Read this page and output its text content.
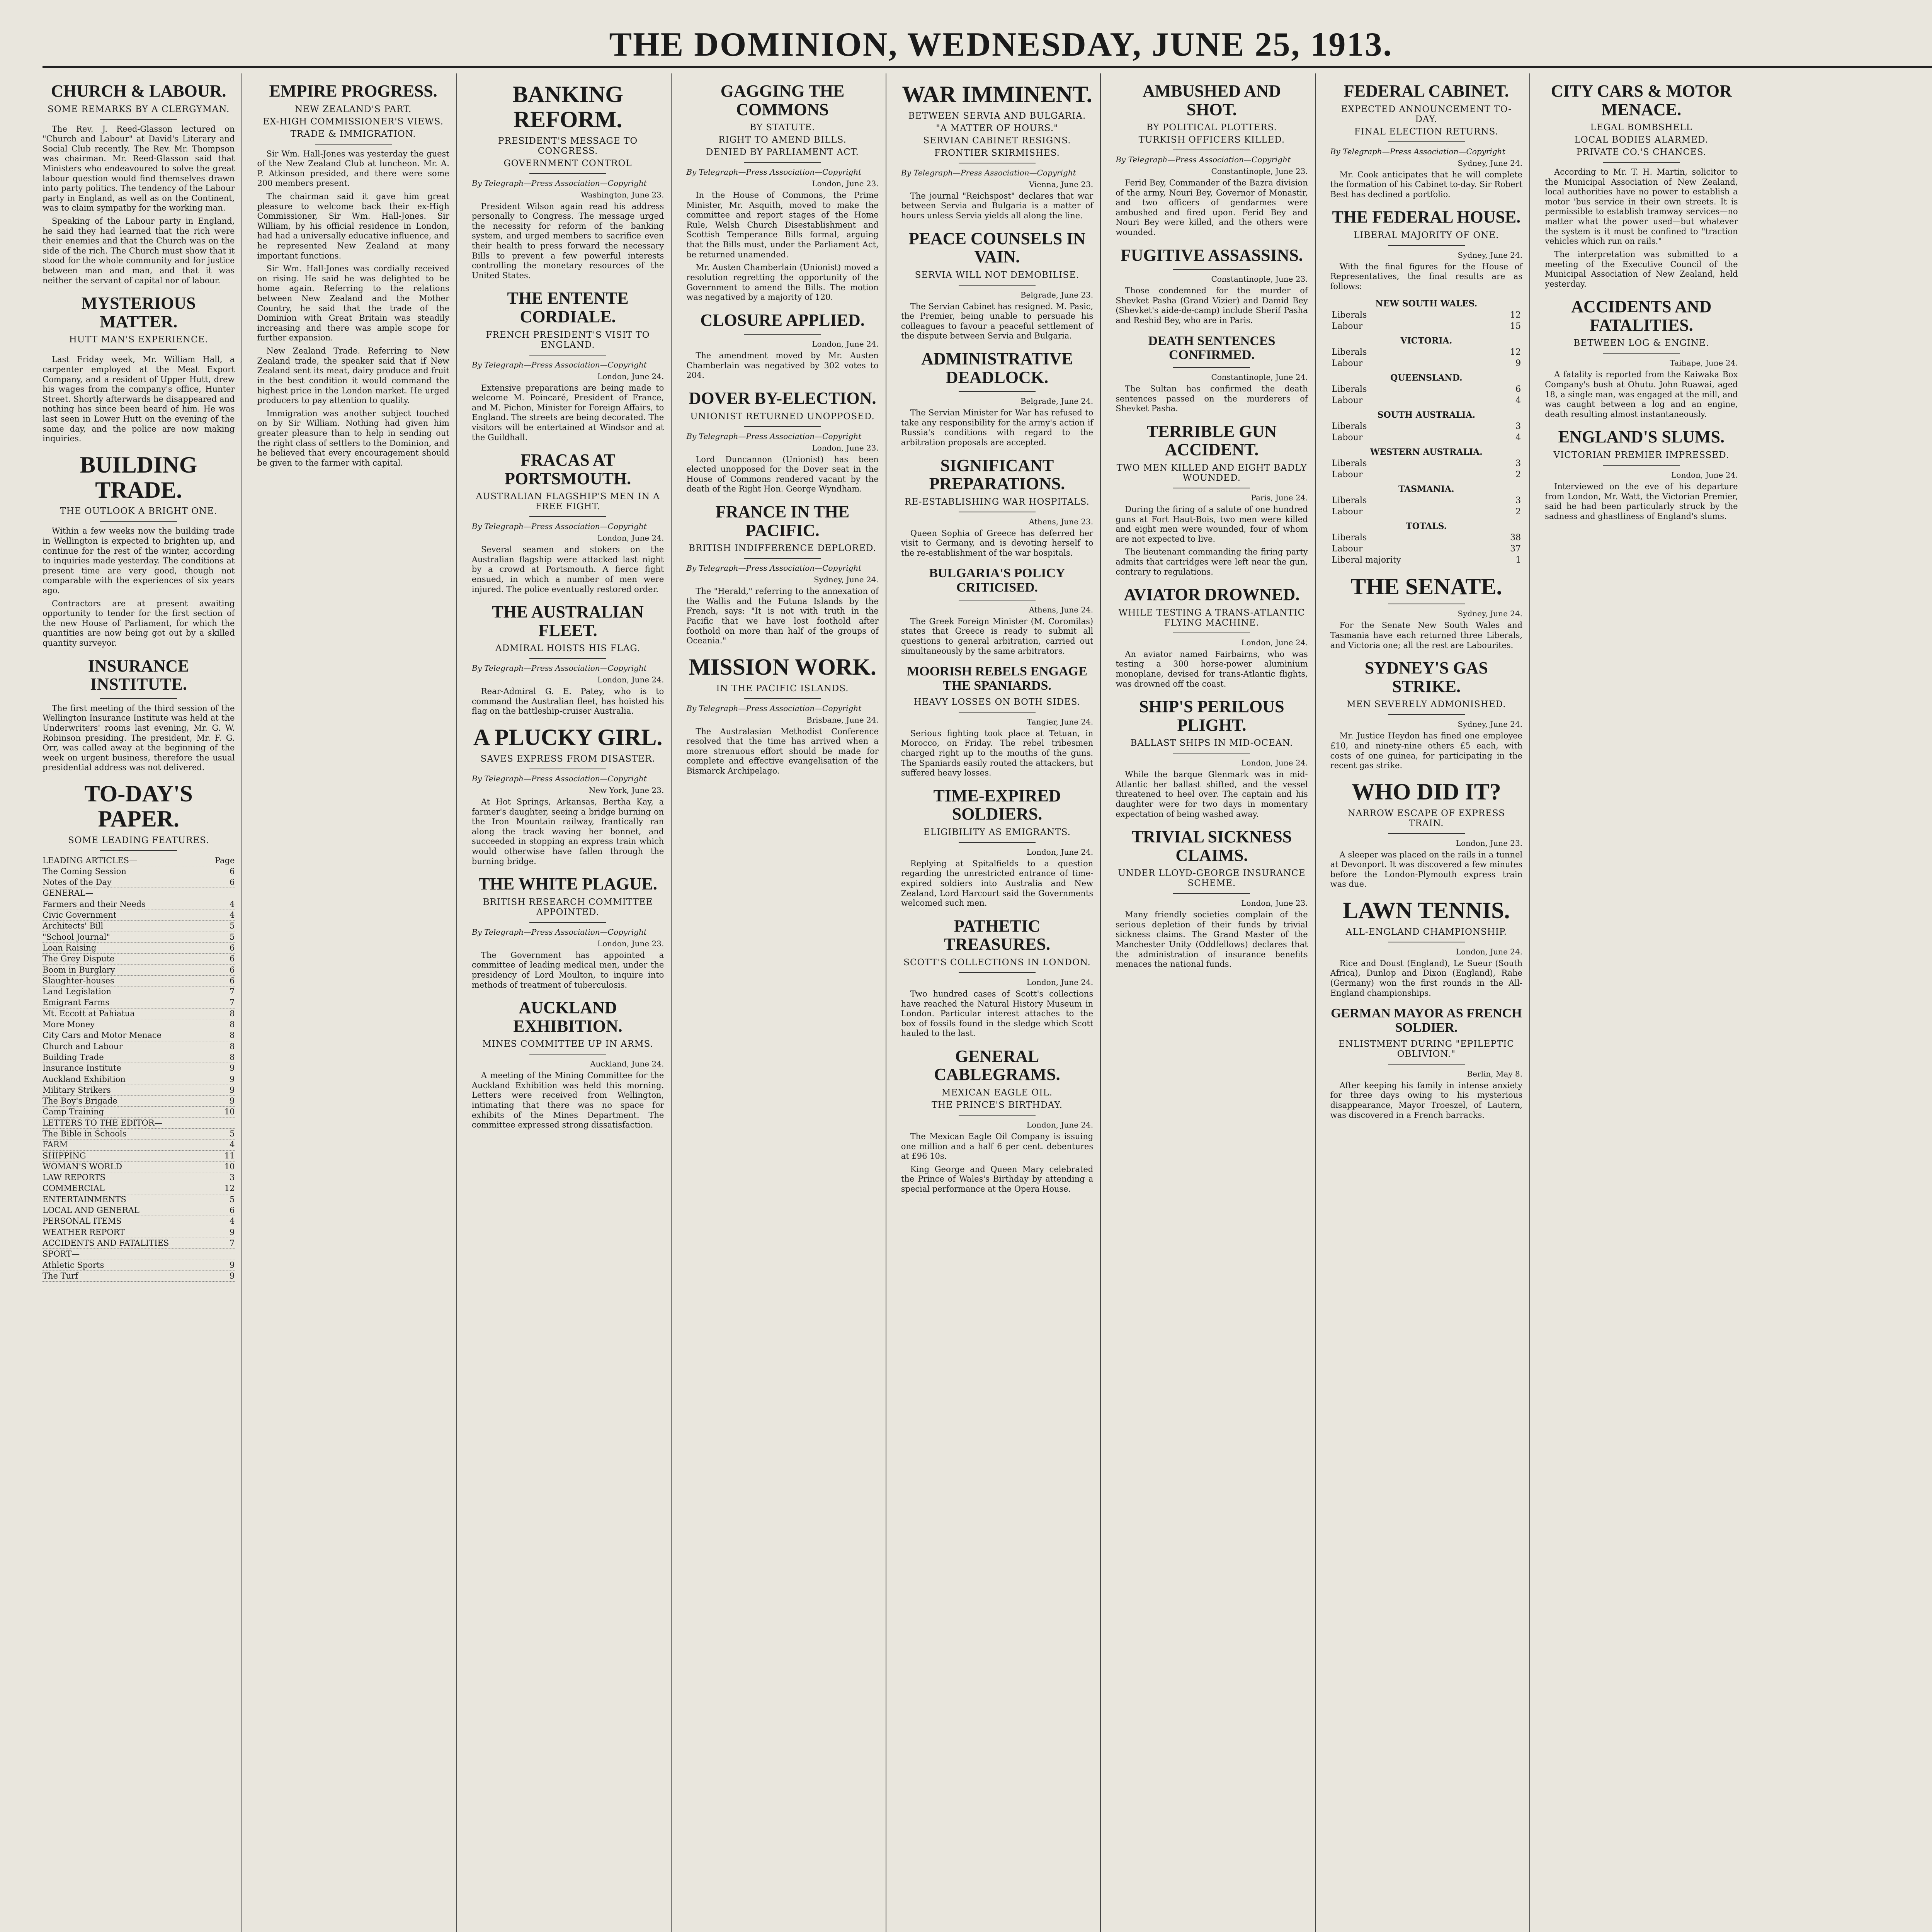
THE DOMINION, WEDNESDAY, JUNE 25, 1913.
CHURCH & LABOUR.
SOME REMARKS BY A CLERGYMAN.

The Rev. J. Reed-Glasson lectured on "Church and Labour" at David's Literary and Social Club recently. The Rev. Mr. Thompson was chairman. Mr. Reed-Glasson said that Ministers who endeavoured to solve the great labour question would find themselves drawn into party politics. The tendency of the Labour party in England, as well as on the Continent, was to claim sympathy for the working man.

Speaking of the Labour party in England, he said they had learned that the rich were their enemies and that the Church was on the side of the rich. The Church must show that it stood for the whole community and for justice between man and man, and that it was neither the servant of capital nor of labour.

MYSTERIOUS MATTER.
HUTT MAN'S EXPERIENCE.

Last Friday week, Mr. William Hall, a carpenter employed at the Meat Export Company, and a resident of Upper Hutt, drew his wages from the company's office, Hunter Street. Shortly afterwards he disappeared and nothing has since been heard of him. He was last seen in Lower Hutt on the evening of the same day, and the police are now making inquiries.

BUILDING TRADE.
THE OUTLOOK A BRIGHT ONE.

Within a few weeks now the building trade in Wellington is expected to brighten up, and continue for the rest of the winter, according to inquiries made yesterday. The conditions at present time are very good, though not comparable with the experiences of six years ago.

Contractors are at present awaiting opportunity to tender for the first section of the new House of Parliament, for which the quantities are now being got out by a skilled quantity surveyor.

INSURANCE INSTITUTE.

The first meeting of the third session of the Wellington Insurance Institute was held at the Underwriters' rooms last evening, Mr. G. W. Robinson presiding. The president, Mr. F. G. Orr, was called away at the beginning of the week on urgent business, therefore the usual presidential address was not delivered.

TO-DAY'S PAPER.
SOME LEADING FEATURES.
LEADING ARTICLES—	Page
The Coming Session	6
Notes of the Day	6
GENERAL—
Farmers and their Needs	4
Civic Government	4
Architects' Bill	5
"School Journal"	5
Loan Raising	6
The Grey Dispute	6
Boom in Burglary	6
Slaughter-houses	6
Land Legislation	7
Emigrant Farms	7
Mt. Eccott at Pahiatua	8
More Money	8
City Cars and Motor Menace	8
Church and Labour	8
Building Trade	8
Insurance Institute	9
Auckland Exhibition	9
Military Strikers	9
The Boy's Brigade	9
Camp Training	10
LETTERS TO THE EDITOR—
The Bible in Schools	5
FARM	4
SHIPPING	11
WOMAN'S WORLD	10
LAW REPORTS	3
COMMERCIAL	12
ENTERTAINMENTS	5
LOCAL AND GENERAL	6
PERSONAL ITEMS	4
WEATHER REPORT	9
ACCIDENTS AND FATALITIES	7
SPORT—
Athletic Sports	9
The Turf	9
EMPIRE PROGRESS.
NEW ZEALAND'S PART.
EX-HIGH COMMISSIONER'S VIEWS.
TRADE & IMMIGRATION.

Sir Wm. Hall-Jones was yesterday the guest of the New Zealand Club at luncheon. Mr. A. P. Atkinson presided, and there were some 200 members present.

The chairman said it gave him great pleasure to welcome back their ex-High Commissioner, Sir Wm. Hall-Jones. Sir William, by his official residence in London, had had a universally educative influence, and he represented New Zealand at many important functions.

Sir Wm. Hall-Jones was cordially received on rising. He said he was delighted to be home again. Referring to the relations between New Zealand and the Mother Country, he said that the trade of the Dominion with Great Britain was steadily increasing and there was ample scope for further expansion.

New Zealand Trade. Referring to New Zealand trade, the speaker said that if New Zealand sent its meat, dairy produce and fruit in the best condition it would command the highest price in the London market. He urged producers to pay attention to quality.

Immigration was another subject touched on by Sir William. Nothing had given him greater pleasure than to help in sending out the right class of settlers to the Dominion, and he believed that every encouragement should be given to the farmer with capital.

BANKING REFORM.
PRESIDENT'S MESSAGE TO CONGRESS.
GOVERNMENT CONTROL
By Telegraph—Press Association—Copyright
Washington, June 23.

President Wilson again read his address personally to Congress. The message urged the necessity for reform of the banking system, and urged members to sacrifice even their health to press forward the necessary Bills to prevent a few powerful interests controlling the monetary resources of the United States.

THE ENTENTE CORDIALE.
FRENCH PRESIDENT'S VISIT TO ENGLAND.
By Telegraph—Press Association—Copyright
London, June 24.

Extensive preparations are being made to welcome M. Poincaré, President of France, and M. Pichon, Minister for Foreign Affairs, to England. The streets are being decorated. The visitors will be entertained at Windsor and at the Guildhall.

FRACAS AT PORTSMOUTH.
AUSTRALIAN FLAGSHIP'S MEN IN A FREE FIGHT.
By Telegraph—Press Association—Copyright
London, June 24.

Several seamen and stokers on the Australian flagship were attacked last night by a crowd at Portsmouth. A fierce fight ensued, in which a number of men were injured. The police eventually restored order.

THE AUSTRALIAN FLEET.
ADMIRAL HOISTS HIS FLAG.
By Telegraph—Press Association—Copyright
London, June 24.

Rear-Admiral G. E. Patey, who is to command the Australian fleet, has hoisted his flag on the battleship-cruiser Australia.

A PLUCKY GIRL.
SAVES EXPRESS FROM DISASTER.
By Telegraph—Press Association—Copyright
New York, June 23.

At Hot Springs, Arkansas, Bertha Kay, a farmer's daughter, seeing a bridge burning on the Iron Mountain railway, frantically ran along the track waving her bonnet, and succeeded in stopping an express train which would otherwise have fallen through the burning bridge.

THE WHITE PLAGUE.
BRITISH RESEARCH COMMITTEE APPOINTED.
By Telegraph—Press Association—Copyright
London, June 23.

The Government has appointed a committee of leading medical men, under the presidency of Lord Moulton, to inquire into methods of treatment of tuberculosis.

AUCKLAND EXHIBITION.
MINES COMMITTEE UP IN ARMS.
Auckland, June 24.

A meeting of the Mining Committee for the Auckland Exhibition was held this morning. Letters were received from Wellington, intimating that there was no space for exhibits of the Mines Department. The committee expressed strong dissatisfaction.

GAGGING THE COMMONS
BY STATUTE.
RIGHT TO AMEND BILLS.
DENIED BY PARLIAMENT ACT.
By Telegraph—Press Association—Copyright
London, June 23.

In the House of Commons, the Prime Minister, Mr. Asquith, moved to make the committee and report stages of the Home Rule, Welsh Church Disestablishment and Scottish Temperance Bills formal, arguing that the Bills must, under the Parliament Act, be returned unamended.

Mr. Austen Chamberlain (Unionist) moved a resolution regretting the opportunity of the Government to amend the Bills. The motion was negatived by a majority of 120.

CLOSURE APPLIED.
London, June 24.

The amendment moved by Mr. Austen Chamberlain was negatived by 302 votes to 204.

DOVER BY-ELECTION.
UNIONIST RETURNED UNOPPOSED.
By Telegraph—Press Association—Copyright
London, June 23.

Lord Duncannon (Unionist) has been elected unopposed for the Dover seat in the House of Commons rendered vacant by the death of the Right Hon. George Wyndham.

FRANCE IN THE PACIFIC.
BRITISH INDIFFERENCE DEPLORED.
By Telegraph—Press Association—Copyright
Sydney, June 24.

The "Herald," referring to the annexation of the Wallis and the Futuna Islands by the French, says: "It is not with truth in the Pacific that we have lost foothold after foothold on more than half of the groups of Oceania."

MISSION WORK.
IN THE PACIFIC ISLANDS.
By Telegraph—Press Association—Copyright
Brisbane, June 24.

The Australasian Methodist Conference resolved that the time has arrived when a more strenuous effort should be made for complete and effective evangelisation of the Bismarck Archipelago.

WAR IMMINENT.
BETWEEN SERVIA AND BULGARIA.
"A MATTER OF HOURS."
SERVIAN CABINET RESIGNS.
FRONTIER SKIRMISHES.
By Telegraph—Press Association—Copyright
Vienna, June 23.

The journal "Reichspost" declares that war between Servia and Bulgaria is a matter of hours unless Servia yields all along the line.

PEACE COUNSELS IN VAIN.
SERVIA WILL NOT DEMOBILISE.
Belgrade, June 23.

The Servian Cabinet has resigned. M. Pasic, the Premier, being unable to persuade his colleagues to favour a peaceful settlement of the dispute between Servia and Bulgaria.

ADMINISTRATIVE DEADLOCK.
Belgrade, June 24.

The Servian Minister for War has refused to take any responsibility for the army's action if Russia's conditions with regard to the arbitration proposals are accepted.

SIGNIFICANT PREPARATIONS.
RE-ESTABLISHING WAR HOSPITALS.
Athens, June 23.

Queen Sophia of Greece has deferred her visit to Germany, and is devoting herself to the re-establishment of the war hospitals.

BULGARIA'S POLICY CRITICISED.
Athens, June 24.

The Greek Foreign Minister (M. Coromilas) states that Greece is ready to submit all questions to general arbitration, carried out simultaneously by the same arbitrators.

MOORISH REBELS ENGAGE THE SPANIARDS.
HEAVY LOSSES ON BOTH SIDES.
Tangier, June 24.

Serious fighting took place at Tetuan, in Morocco, on Friday. The rebel tribesmen charged right up to the mouths of the guns. The Spaniards easily routed the attackers, but suffered heavy losses.

TIME-EXPIRED SOLDIERS.
ELIGIBILITY AS EMIGRANTS.
London, June 24.

Replying at Spitalfields to a question regarding the unrestricted entrance of time-expired soldiers into Australia and New Zealand, Lord Harcourt said the Governments welcomed such men.

PATHETIC TREASURES.
SCOTT'S COLLECTIONS IN LONDON.
London, June 24.

Two hundred cases of Scott's collections have reached the Natural History Museum in London. Particular interest attaches to the box of fossils found in the sledge which Scott hauled to the last.

GENERAL CABLEGRAMS.
MEXICAN EAGLE OIL.
THE PRINCE'S BIRTHDAY.
London, June 24.

The Mexican Eagle Oil Company is issuing one million and a half 6 per cent. debentures at £96 10s.

King George and Queen Mary celebrated the Prince of Wales's Birthday by attending a special performance at the Opera House.

AMBUSHED AND SHOT.
BY POLITICAL PLOTTERS.
TURKISH OFFICERS KILLED.
By Telegraph—Press Association—Copyright
Constantinople, June 23.

Ferid Bey, Commander of the Bazra division of the army, Nouri Bey, Governor of Monastir, and two officers of gendarmes were ambushed and fired upon. Ferid Bey and Nouri Bey were killed, and the others were wounded.

FUGITIVE ASSASSINS.
Constantinople, June 23.

Those condemned for the murder of Shevket Pasha (Grand Vizier) and Damid Bey (Shevket's aide-de-camp) include Sherif Pasha and Reshid Bey, who are in Paris.

DEATH SENTENCES CONFIRMED.
Constantinople, June 24.

The Sultan has confirmed the death sentences passed on the murderers of Shevket Pasha.

TERRIBLE GUN ACCIDENT.
TWO MEN KILLED AND EIGHT BADLY WOUNDED.
Paris, June 24.

During the firing of a salute of one hundred guns at Fort Haut-Bois, two men were killed and eight men were wounded, four of whom are not expected to live.

The lieutenant commanding the firing party admits that cartridges were left near the gun, contrary to regulations.

AVIATOR DROWNED.
WHILE TESTING A TRANS-ATLANTIC FLYING MACHINE.
London, June 24.

An aviator named Fairbairns, who was testing a 300 horse-power aluminium monoplane, devised for trans-Atlantic flights, was drowned off the coast.

SHIP'S PERILOUS PLIGHT.
BALLAST SHIPS IN MID-OCEAN.
London, June 24.

While the barque Glenmark was in mid-Atlantic her ballast shifted, and the vessel threatened to heel over. The captain and his daughter were for two days in momentary expectation of being washed away.

TRIVIAL SICKNESS CLAIMS.
UNDER LLOYD-GEORGE INSURANCE SCHEME.
London, June 23.

Many friendly societies complain of the serious depletion of their funds by trivial sickness claims. The Grand Master of the Manchester Unity (Oddfellows) declares that the administration of insurance benefits menaces the national funds.

FEDERAL CABINET.
EXPECTED ANNOUNCEMENT TO-DAY.
FINAL ELECTION RETURNS.
By Telegraph—Press Association—Copyright
Sydney, June 24.

Mr. Cook anticipates that he will complete the formation of his Cabinet to-day. Sir Robert Best has declined a portfolio.

THE FEDERAL HOUSE.
LIBERAL MAJORITY OF ONE.
Sydney, June 24.

With the final figures for the House of Representatives, the final results are as follows:

NEW SOUTH WALES.	
Liberals	12
Labour	15
VICTORIA.	
Liberals	12
Labour	9
QUEENSLAND.	
Liberals	6
Labour	4
SOUTH AUSTRALIA.	
Liberals	3
Labour	4
WESTERN AUSTRALIA.	
Liberals	3
Labour	2
TASMANIA.	
Liberals	3
Labour	2
TOTALS.	
Liberals	38
Labour	37
Liberal majority	1
THE SENATE.
Sydney, June 24.

For the Senate New South Wales and Tasmania have each returned three Liberals, and Victoria one; all the rest are Labourites.

SYDNEY'S GAS STRIKE.
MEN SEVERELY ADMONISHED.
Sydney, June 24.

Mr. Justice Heydon has fined one employee £10, and ninety-nine others £5 each, with costs of one guinea, for participating in the recent gas strike.

WHO DID IT?
NARROW ESCAPE OF EXPRESS TRAIN.
London, June 23.

A sleeper was placed on the rails in a tunnel at Devonport. It was discovered a few minutes before the London-Plymouth express train was due.

LAWN TENNIS.
ALL-ENGLAND CHAMPIONSHIP.
London, June 24.

Rice and Doust (England), Le Sueur (South Africa), Dunlop and Dixon (England), Rahe (Germany) won the first rounds in the All-England championships.

GERMAN MAYOR AS FRENCH SOLDIER.
ENLISTMENT DURING "EPILEPTIC OBLIVION."
Berlin, May 8.

After keeping his family in intense anxiety for three days owing to his mysterious disappearance, Mayor Troeszel, of Lautern, was discovered in a French barracks.

CITY CARS & MOTOR MENACE.
LEGAL BOMBSHELL
LOCAL BODIES ALARMED.
PRIVATE CO.'S CHANCES.

According to Mr. T. H. Martin, solicitor to the Municipal Association of New Zealand, local authorities have no power to establish a motor 'bus service in their own streets. It is permissible to establish tramway services—no matter what the power used—but whatever the system is it must be confined to "traction vehicles which run on rails."

The interpretation was submitted to a meeting of the Executive Council of the Municipal Association of New Zealand, held yesterday.

ACCIDENTS AND FATALITIES.
BETWEEN LOG & ENGINE.
Taihape, June 24.

A fatality is reported from the Kaiwaka Box Company's bush at Ohutu. John Ruawai, aged 18, a single man, was engaged at the mill, and was caught between a log and an engine, death resulting almost instantaneously.

ENGLAND'S SLUMS.
VICTORIAN PREMIER IMPRESSED.
London, June 24.

Interviewed on the eve of his departure from London, Mr. Watt, the Victorian Premier, said he had been particularly struck by the sadness and ghastliness of England's slums.
